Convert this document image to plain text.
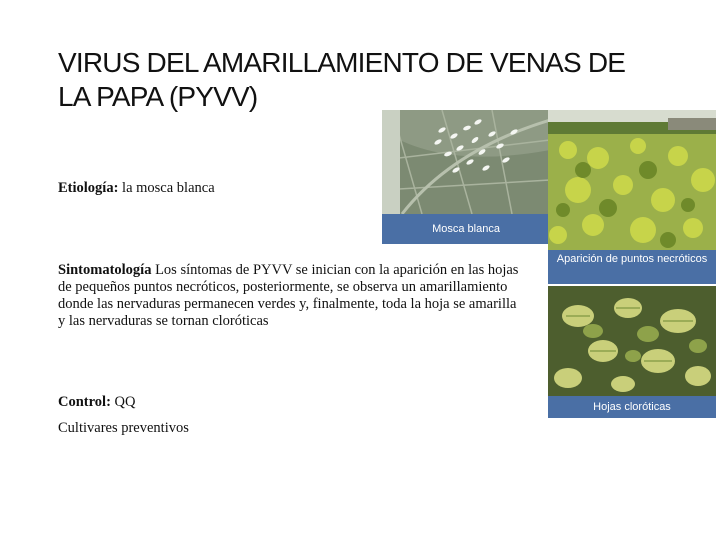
VIRUS DEL AMARILLAMIENTO DE VENAS DE LA PAPA (PYVV)
Mosca blanca
Aparición de puntos necróticos
Hojas cloróticas
Etiología: la mosca blanca
Sintomatología Los síntomas de PYVV se inician con la aparición en las hojas de pequeños puntos necróticos, posteriormente, se observa un amarillamiento donde las nervaduras permanecen verdes y, finalmente, toda la hoja se amarilla y las nervaduras se tornan cloróticas
Control: QQ
Cultivares preventivos
